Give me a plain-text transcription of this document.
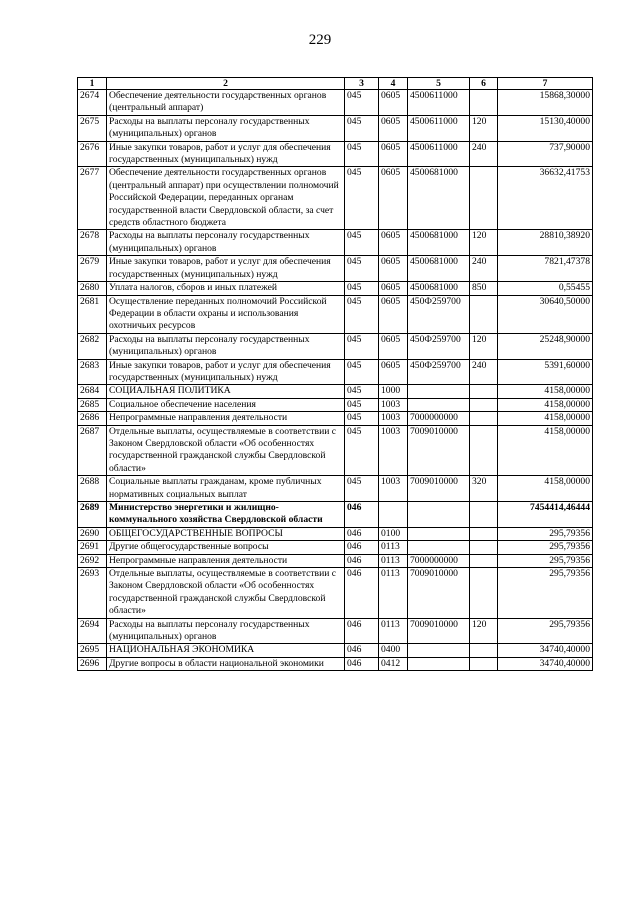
229
1	2	3	4	5	6	7
2674	Обеспечение деятельности государственных органов (центральный аппарат)	045	0605	4500611000		15868,30000
2675	Расходы на выплаты персоналу государственных (муниципальных) органов	045	0605	4500611000	120	15130,40000
2676	Иные закупки товаров, работ и услуг для обеспечения государственных (муниципальных) нужд	045	0605	4500611000	240	737,90000
2677	Обеспечение деятельности государственных органов (центральный аппарат) при осуществлении полномочий Российской Федерации, переданных органам государственной власти Свердловской области, за счет средств областного бюджета	045	0605	4500681000		36632,41753
2678	Расходы на выплаты персоналу государственных (муниципальных) органов	045	0605	4500681000	120	28810,38920
2679	Иные закупки товаров, работ и услуг для обеспечения государственных (муниципальных) нужд	045	0605	4500681000	240	7821,47378
2680	Уплата налогов, сборов и иных платежей	045	0605	4500681000	850	0,55455
2681	Осуществление переданных полномочий Российской Федерации в области охраны и использования охотничьих ресурсов	045	0605	450Ф259700		30640,50000
2682	Расходы на выплаты персоналу государственных (муниципальных) органов	045	0605	450Ф259700	120	25248,90000
2683	Иные закупки товаров, работ и услуг для обеспечения государственных (муниципальных) нужд	045	0605	450Ф259700	240	5391,60000
2684	СОЦИАЛЬНАЯ ПОЛИТИКА	045	1000			4158,00000
2685	Социальное обеспечение населения	045	1003			4158,00000
2686	Непрограммные направления деятельности	045	1003	7000000000		4158,00000
2687	Отдельные выплаты, осуществляемые в соответствии с Законом Свердловской области «Об особенностях государственной гражданской службы Свердловской области»	045	1003	7009010000		4158,00000
2688	Социальные выплаты гражданам, кроме публичных нормативных социальных выплат	045	1003	7009010000	320	4158,00000
2689	Министерство энергетики и жилищно-коммунального хозяйства Свердловской области	046				7454414,46444
2690	ОБЩЕГОСУДАРСТВЕННЫЕ ВОПРОСЫ	046	0100			295,79356
2691	Другие общегосударственные вопросы	046	0113			295,79356
2692	Непрограммные направления деятельности	046	0113	7000000000		295,79356
2693	Отдельные выплаты, осуществляемые в соответствии с Законом Свердловской области «Об особенностях государственной гражданской службы Свердловской области»	046	0113	7009010000		295,79356
2694	Расходы на выплаты персоналу государственных (муниципальных) органов	046	0113	7009010000	120	295,79356
2695	НАЦИОНАЛЬНАЯ ЭКОНОМИКА	046	0400			34740,40000
2696	Другие вопросы в области национальной экономики	046	0412			34740,40000
